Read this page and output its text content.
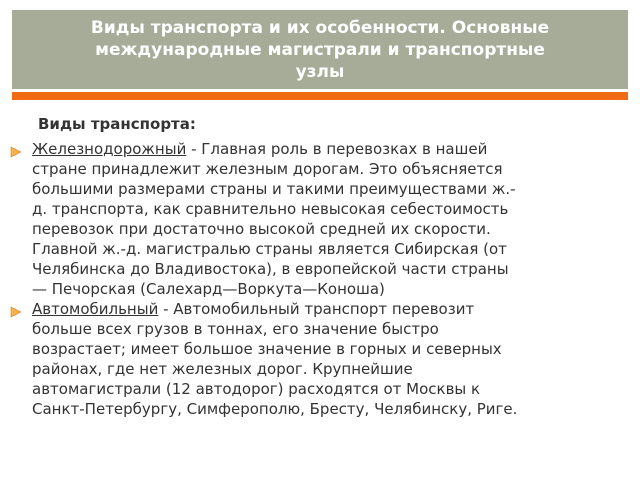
Виды транспорта и их особенности. Основные
международные магистрали и транспортные
узлы
Виды транспорта:
Железнодорожный - Главная роль в перевозках в нашей
стране принадлежит железным дорогам. Это объясняется
большими размерами страны и такими преимуществами ж.-
д. транспорта, как сравнительно невысокая себестоимость
перевозок при достаточно высокой средней их скорости.
Главной ж.-д. магистралью страны является Сибирская (от
Челябинска до Владивостока), в европейской части страны
— Печорская (Салехард—Воркута—Коноша)
Автомобильный - Автомобильный транспорт перевозит
больше всех грузов в тоннах, его значение быстро
возрастает; имеет большое значение в горных и северных
районах, где нет железных дорог. Крупнейшие
автомагистрали (12 автодорог) расходятся от Москвы к
Санкт-Петербургу, Симферополю, Бресту, Челябинску, Риге.
